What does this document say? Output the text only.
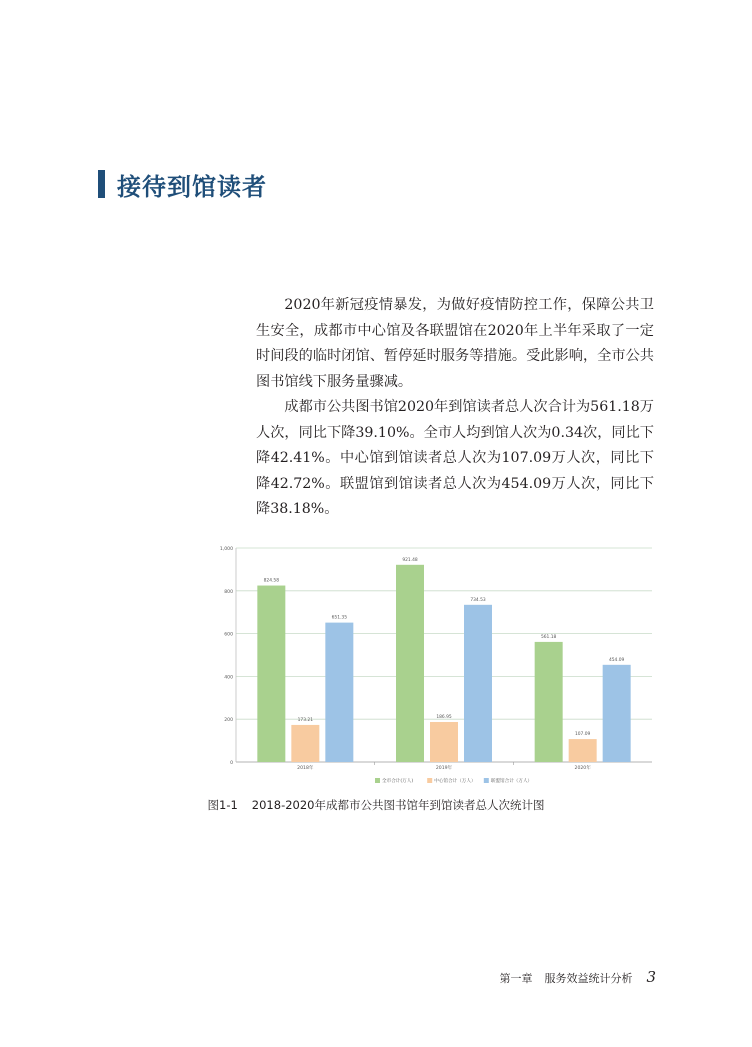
接待到馆读者

2020年新冠疫情暴发，为做好疫情防控工作，保障公共卫生安全，成都市中心馆及各联盟馆在2020年上半年采取了一定时间段的临时闭馆、暂停延时服务等措施。受此影响，全市公共图书馆线下服务量骤减。

成都市公共图书馆2020年到馆读者总人次合计为561.18万人次，同比下降39.10%。全市人均到馆人次为0.34次，同比下降42.41%。中心馆到馆读者总人次为107.09万人次，同比下降42.72%。联盟馆到馆读者总人次为454.09万人次，同比下降38.18%。

0
200
400
600
800
1,000
824.58
173.21
651.35
2018年
921.48
186.95
734.53
2019年
561.18
107.09
454.09
2020年
全市合计(万人)	中心馆合计（万人）	联盟馆合计（万人）
图1-1 2018-2020年成都市公共图书馆年到馆读者总人次统计图
第一章 服务效益统计分析 3
